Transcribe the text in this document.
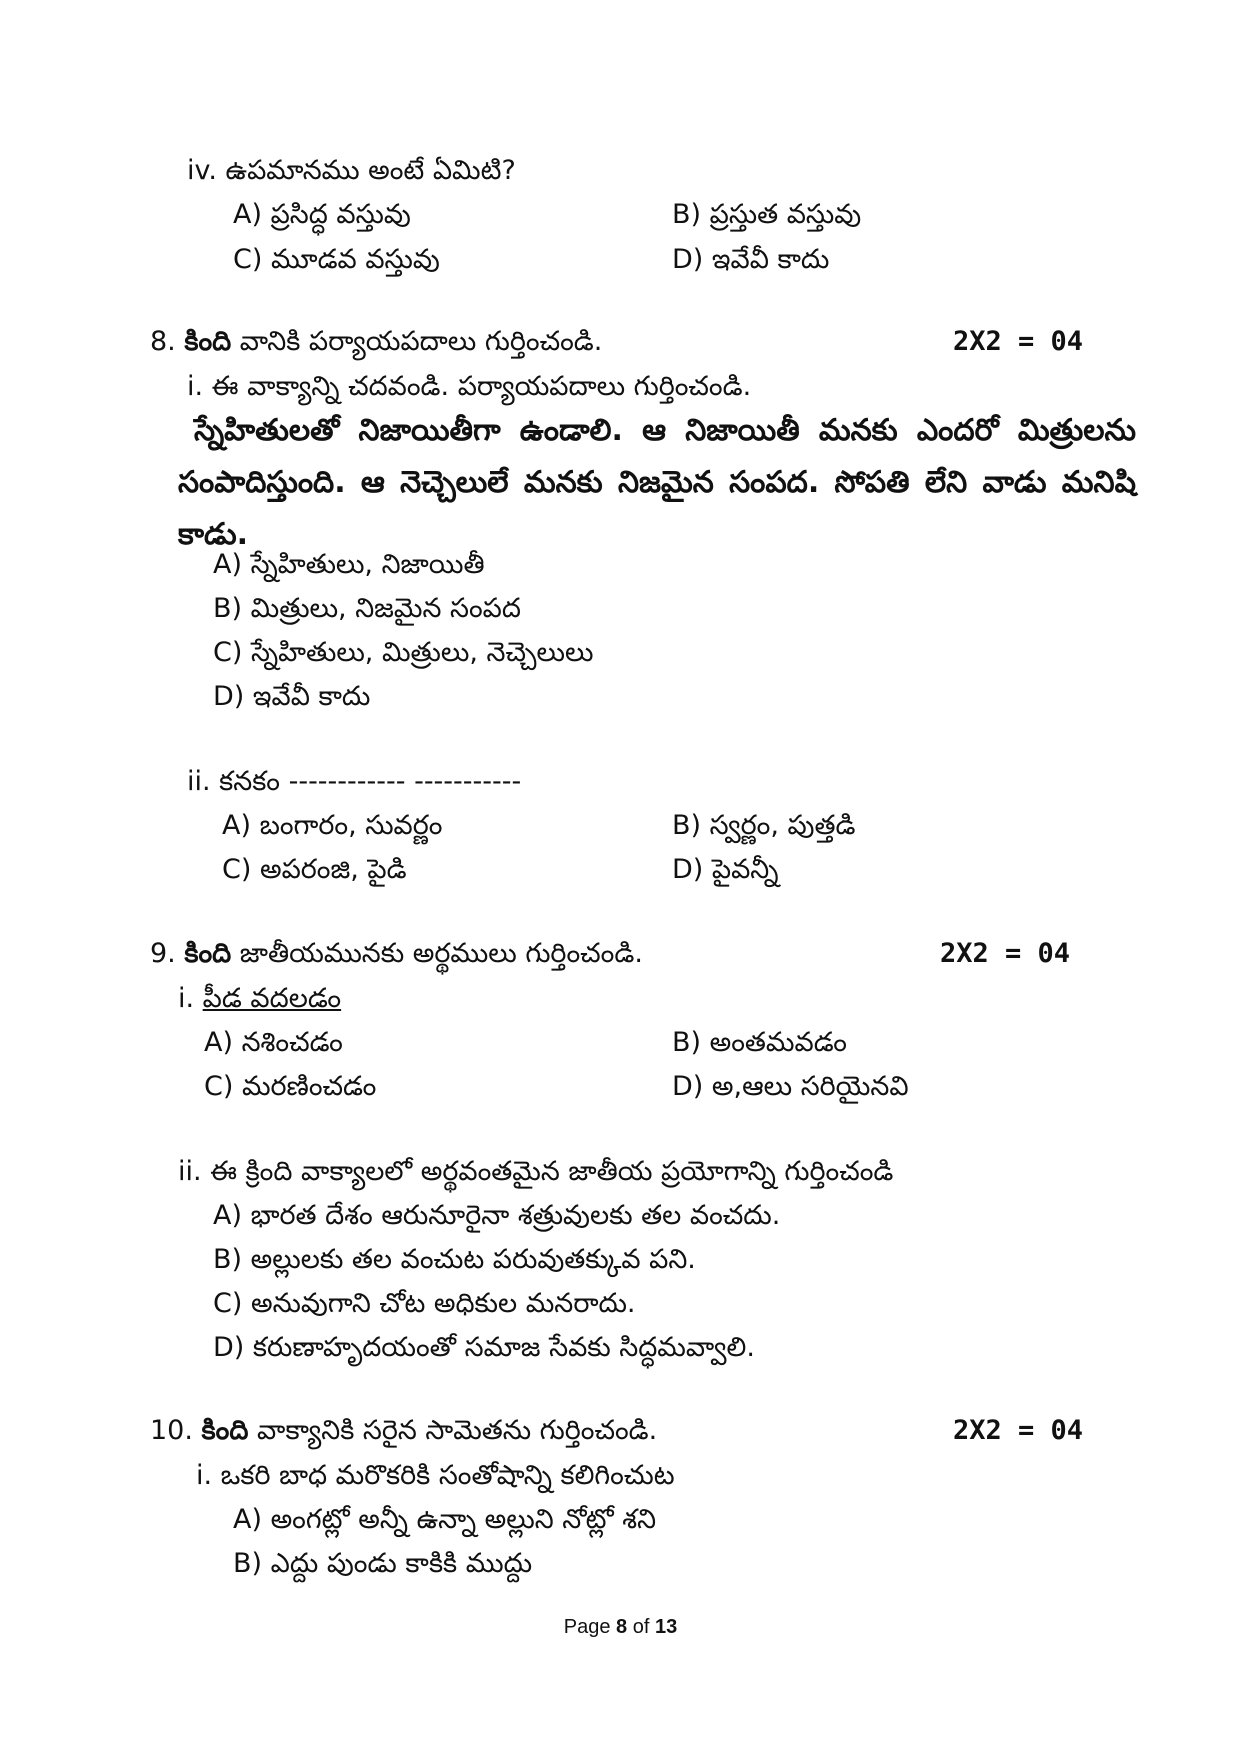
iv. ఉపమానము అంటే ఏమిటి?
A) ప్రసిద్ధ వస్తువు	B) ప్రస్తుత వస్తువు
C) మూడవ వస్తువు	D) ఇవేవీ కాదు
8. కింది వానికి పర్యాయపదాలు గుర్తించండి.	2X2 = 04
i. ఈ వాక్యాన్ని చదవండి. పర్యాయపదాలు గుర్తించండి.

స్నేహితులతో నిజాయితీగా ఉండాలి. ఆ నిజాయితీ మనకు ఎందరో మిత్రులను సంపాదిస్తుంది. ఆ నెచ్చెలులే మనకు నిజమైన సంపద. సోపతి లేని వాడు మనిషి కాడు.

A) స్నేహితులు, నిజాయితీ
B) మిత్రులు, నిజమైన సంపద
C) స్నేహితులు, మిత్రులు, నెచ్చెలులు
D) ఇవేవీ కాదు
ii. కనకం ------------ -----------
A) బంగారం, సువర్ణం	B) స్వర్ణం, పుత్తడి
C) అపరంజి, పైడి	D) పైవన్నీ
9. కింది జాతీయమునకు అర్థములు గుర్తించండి.	2X2 = 04
i. పీడ వదలడం
A) నశించడం	B) అంతమవడం
C) మరణించడం	D) అ,ఆలు సరియైనవి
ii. ఈ క్రింది వాక్యాలలో అర్థవంతమైన జాతీయ ప్రయోగాన్ని గుర్తించండి
A) భారత దేశం ఆరునూరైనా శత్రువులకు తల వంచదు.
B) అల్లులకు తల వంచుట పరువుతక్కువ పని.
C) అనువుగాని చోట అధికుల మనరాదు.
D) కరుణాహృదయంతో సమాజ సేవకు సిద్ధమవ్వాలి.
10. కింది వాక్యానికి సరైన సామెతను గుర్తించండి.	2X2 = 04
i. ఒకరి బాధ మరొకరికి సంతోషాన్ని కలిగించుట
A) అంగట్లో అన్నీ ఉన్నా అల్లుని నోట్లో శని
B) ఎద్దు పుండు కాకికి ముద్దు
Page 8 of 13
